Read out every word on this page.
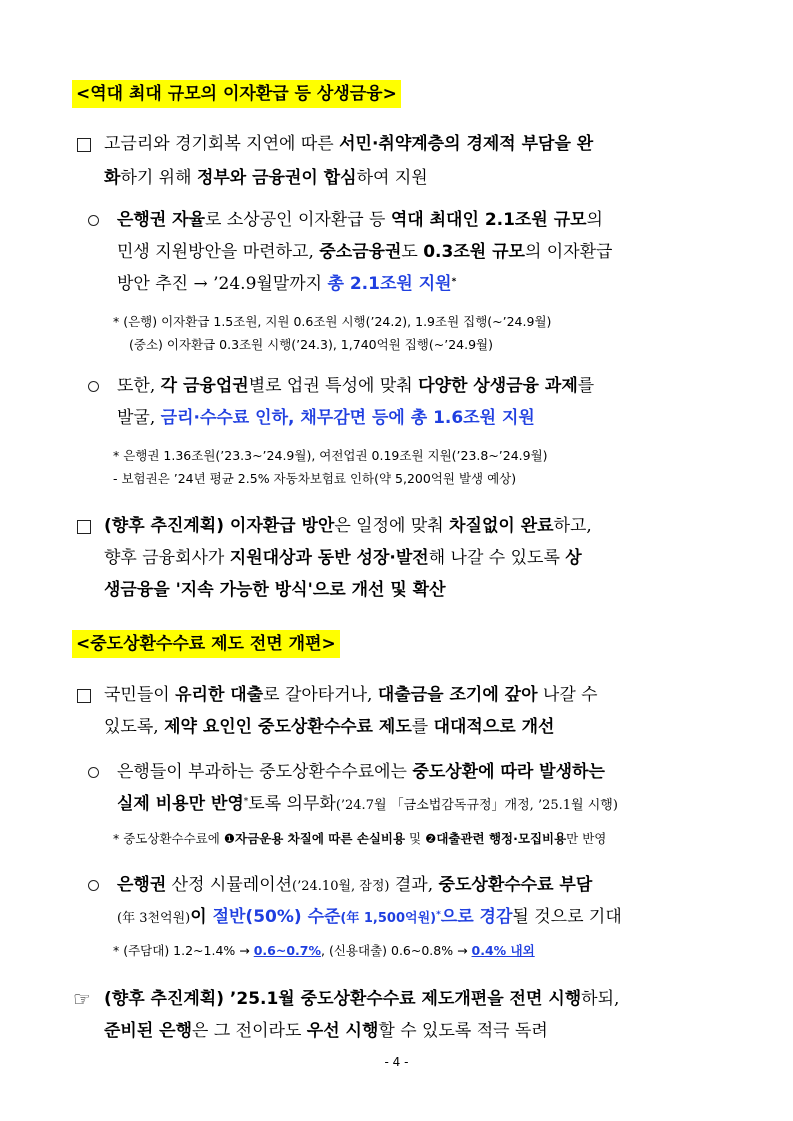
<역대 최대 규모의 이자환급 등 상생금융>
고금리와 경기회복 지연에 따른 서민·취약계층의 경제적 부담을 완
화하기 위해 정부와 금융권이 합심하여 지원
은행권 자율로 소상공인 이자환급 등 역대 최대인 2.1조원 규모의
민생 지원방안을 마련하고, 중소금융권도 0.3조원 규모의 이자환급
방안 추진 → ’24.9월말까지 총 2.1조원 지원*
* (은행) 이자환급 1.5조원, 지원 0.6조원 시행(’24.2), 1.9조원 집행(~’24.9월)
(중소) 이자환급 0.3조원 시행(’24.3), 1,740억원 집행(~’24.9월)
또한, 각 금융업권별로 업권 특성에 맞춰 다양한 상생금융 과제를
발굴, 금리·수수료 인하, 채무감면 등에 총 1.6조원 지원
* 은행권 1.36조원(’23.3~’24.9월), 여전업권 0.19조원 지원(’23.8~’24.9월)
- 보험권은 ’24년 평균 2.5% 자동차보험료 인하(약 5,200억원 발생 예상)
(향후 추진계획) 이자환급 방안은 일정에 맞춰 차질없이 완료하고,
향후 금융회사가 지원대상과 동반 성장·발전해 나갈 수 있도록 상
생금융을 '지속 가능한 방식'으로 개선 및 확산
<중도상환수수료 제도 전면 개편>
국민들이 유리한 대출로 갈아타거나, 대출금을 조기에 갚아 나갈 수
있도록, 제약 요인인 중도상환수수료 제도를 대대적으로 개선
은행들이 부과하는 중도상환수수료에는 중도상환에 따라 발생하는
실제 비용만 반영*토록 의무화(’24.7월 「금소법감독규정」개정, ’25.1월 시행)
* 중도상환수수료에 ❶자금운용 차질에 따른 손실비용 및 ❷대출관련 행정·모집비용만 반영
은행권 산정 시뮬레이션(’24.10월, 잠정) 결과, 중도상환수수료 부담
(年 3천억원)이 절반(50%) 수준(年 1,500억원)*으로 경감될 것으로 기대
* (주담대) 1.2~1.4% → 0.6~0.7%, (신용대출) 0.6~0.8% → 0.4% 내외
☞ (향후 추진계획) ’25.1월 중도상환수수료 제도개편을 전면 시행하되,
준비된 은행은 그 전이라도 우선 시행할 수 있도록 적극 독려
- 4 -
